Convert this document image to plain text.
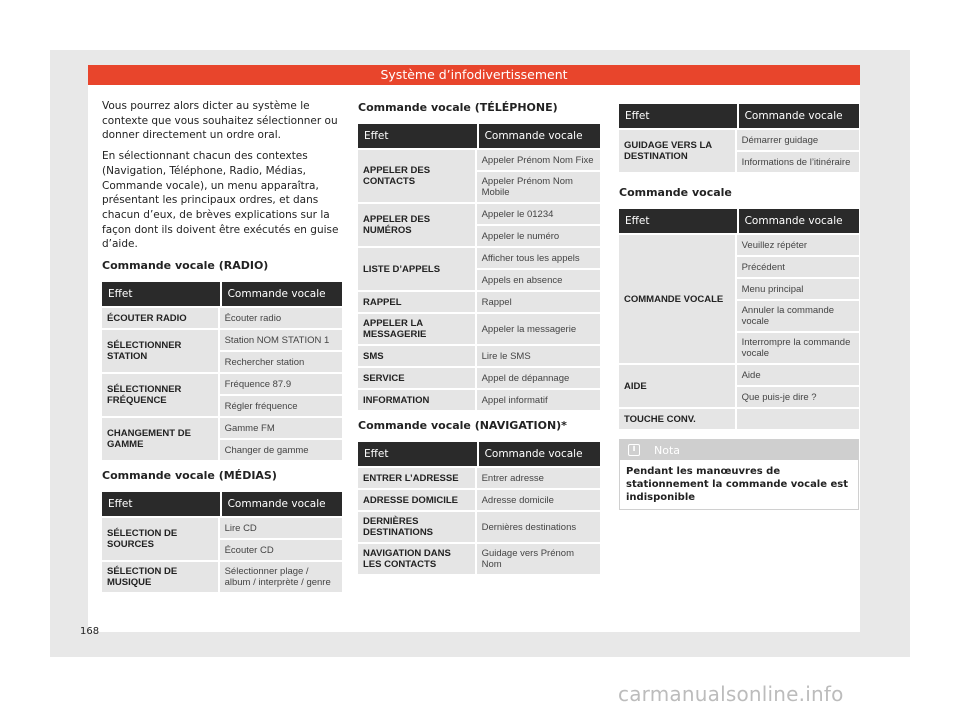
Système d’infodivertissement

Vous pourrez alors dicter au système le contexte que vous souhaitez sélectionner ou donner directement un ordre oral.

En sélectionnant chacun des contextes (Navigation, Téléphone, Radio, Médias, Commande vocale), un menu apparaîtra, présentant les principaux ordres, et dans chacun d’eux, de brèves explications sur la façon dont ils doivent être exécutés en guise d’aide.

Commande vocale (RADIO)
Effet	Commande vocale
ÉCOUTER RADIO	Écouter radio
SÉLECTIONNER STATION	Station NOM STATION 1
	Rechercher station
SÉLECTIONNER FRÉQUENCE	Fréquence 87.9
	Régler fréquence
CHANGEMENT DE GAMME	Gamme FM
	Changer de gamme
Commande vocale (MÉDIAS)
Effet	Commande vocale
SÉLECTION DE SOURCES	Lire CD
	Écouter CD
SÉLECTION DE MUSIQUE	Sélectionner plage / album / interprète / genre
Commande vocale (TÉLÉPHONE)
Effet	Commande vocale
APPELER DES CONTACTS	Appeler Prénom Nom Fixe
	Appeler Prénom Nom Mobile
APPELER DES NUMÉROS	Appeler le 01234
	Appeler le numéro
LISTE D’APPELS	Afficher tous les appels
	Appels en absence
RAPPEL	Rappel
APPELER LA MESSAGERIE	Appeler la messagerie
SMS	Lire le SMS
SERVICE	Appel de dépannage
INFORMATION	Appel informatif
Commande vocale (NAVIGATION)*
Effet	Commande vocale
ENTRER L’ADRESSE	Entrer adresse
ADRESSE DOMICILE	Adresse domicile
DERNIÈRES DESTINATIONS	Dernières destinations
NAVIGATION DANS LES CONTACTS	Guidage vers Prénom Nom
Effet	Commande vocale
GUIDAGE VERS LA DESTINATION	Démarrer guidage
	Informations de l’itinéraire
Commande vocale
Effet	Commande vocale
COMMANDE VOCALE	Veuillez répéter
	Précédent
	Menu principal
	Annuler la commande vocale
	Interrompre la commande vocale
AIDE	Aide
	Que puis-je dire ?
TOUCHE CONV.	
i	Nota
Pendant les manœuvres de stationnement la commande vocale est indisponible
168
carmanualsonline.info
